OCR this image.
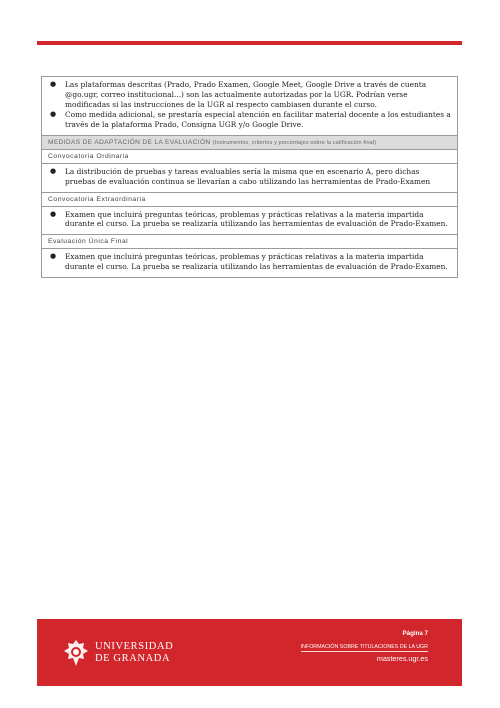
● Las plataformas descritas (Prado, Prado Examen, Google Meet, Google Drive a través de cuenta @go.ugr, correo institucional...) son las actualmente autorizadas por la UGR. Podrían verse modificadas si las instrucciones de la UGR al respecto cambiasen durante el curso.
● Como medida adicional, se prestaría especial atención en facilitar material docente a los estudiantes a través de la plataforma Prado, Consigna UGR y/o Google Drive.
MEDIDAS DE ADAPTACIÓN DE LA EVALUACIÓN (Instrumentos, criterios y porcentajes sobre la calificación final)
Convocatoria Ordinaria
● La distribución de pruebas y tareas evaluables sería la misma que en escenario A, pero dichas pruebas de evaluación continua se llevarían a cabo utilizando las herramientas de Prado-Examen
Convocatoria Extraordinaria
● Examen que incluirá preguntas teóricas, problemas y prácticas relativas a la materia impartida durante el curso. La prueba se realizaría utilizando las herramientas de evaluación de Prado-Examen.
Evaluación Única Final
● Examen que incluirá preguntas teóricas, problemas y prácticas relativas a la materia impartida durante el curso. La prueba se realizaría utilizando las herramientas de evaluación de Prado-Examen.
UNIVERSIDAD
DE GRANADA
Página 7
INFORMACIÓN SOBRE TITULACIONES DE LA UGR
masteres.ugr.es
